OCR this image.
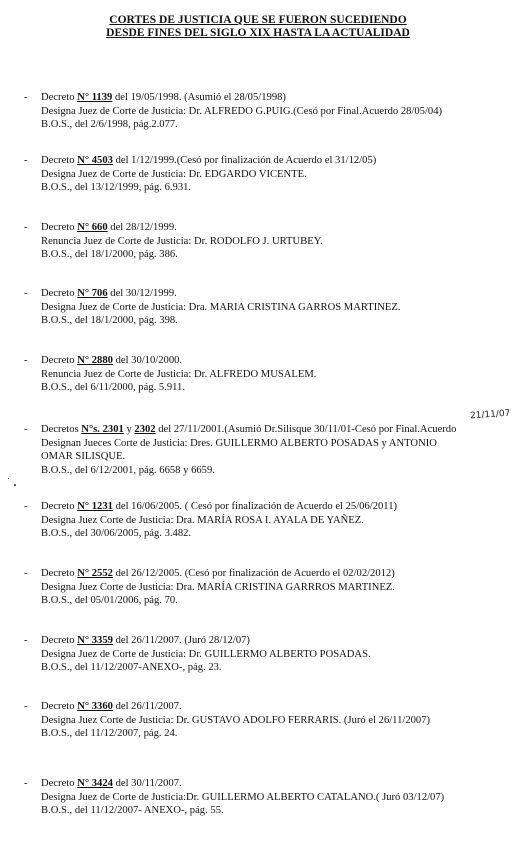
CORTES DE JUSTICIA QUE SE FUERON SUCEDIENDO
DESDE FINES DEL SIGLO XIX HASTA LA ACTUALIDAD
21/11/07
-	Decreto N° 1139 del 19/05/1998. (Asumió el 28/05/1998)
Designa Juez de Corte de Justicia: Dr. ALFREDO G.PUIG.(Cesó por Final.Acuerdo 28/05/04)
B.O.S., del 2/6/1998, pág.2.077.
-	Decreto N° 4503 del 1/12/1999.(Cesó por finalización de Acuerdo el 31/12/05)
Designa Juez de Corte de Justicia: Dr. EDGARDO VICENTE.
B.O.S., del 13/12/1999, pág. 6.931.
-	Decreto N° 660 del 28/12/1999.
Renuncia Juez de Corte de Justicia: Dr. RODOLFO J. URTUBEY.
B.O.S., del 18/1/2000, pág. 386.
-	Decreto N° 706 del 30/12/1999.
Designa Juez de Corte de Justicia: Dra. MARIA CRISTINA GARROS MARTINEZ.
B.O.S., del 18/1/2000, pág. 398.
-	Decreto N° 2880 del 30/10/2000.
Renuncia Juez de Corte de Justicia: Dr. ALFREDO MUSALEM.
B.O.S., del 6/11/2000, pág. 5.911.
-	Decretos N°s. 2301 y 2302 del 27/11/2001.(Asumió Dr.Silisque 30/11/01-Cesó por Final.Acuerdo
Designan Jueces Corte de Justicia: Dres. GUILLERMO ALBERTO POSADAS y ANTONIO
OMAR SILISQUE.
B.O.S., del 6/12/2001, pág. 6658 y 6659.
-	Decreto N° 1231 del 16/06/2005. ( Cesó por finalización de Acuerdo el 25/06/2011)
Designa Juez Corte de Justicia: Dra. MARÍA ROSA I. AYALA DE YAÑEZ.
B.O.S., del 30/06/2005, pág. 3.482.
-	Decreto N° 2552 del 26/12/2005. (Cesó por finalización de Acuerdo el 02/02/2012)
Designa Juez Corte de Justicia: Dra. MARÍA CRISTINA GARRROS MARTINEZ.
B.O.S., del 05/01/2006, pág. 70.
-	Decreto N° 3359 del 26/11/2007. (Juró 28/12/07)
Designa Juez de Corte de Justicia: Dr. GUILLERMO ALBERTO POSADAS.
B.O.S., del 11/12/2007-ANEXO-, pág. 23.
-	Decreto N° 3360 del 26/11/2007.
Designa Juez Corte de Justicia: Dr. GUSTAVO ADOLFO FERRARIS. (Juró el 26/11/2007)
B.O.S., del 11/12/2007, pág. 24.
-	Decreto N° 3424 del 30/11/2007.
Designa Juez de Corte de Justicia:Dr. GUILLERMO ALBERTO CATALANO.( Juró 03/12/07)
B.O.S., del 11/12/2007- ANEXO-, pág. 55.
